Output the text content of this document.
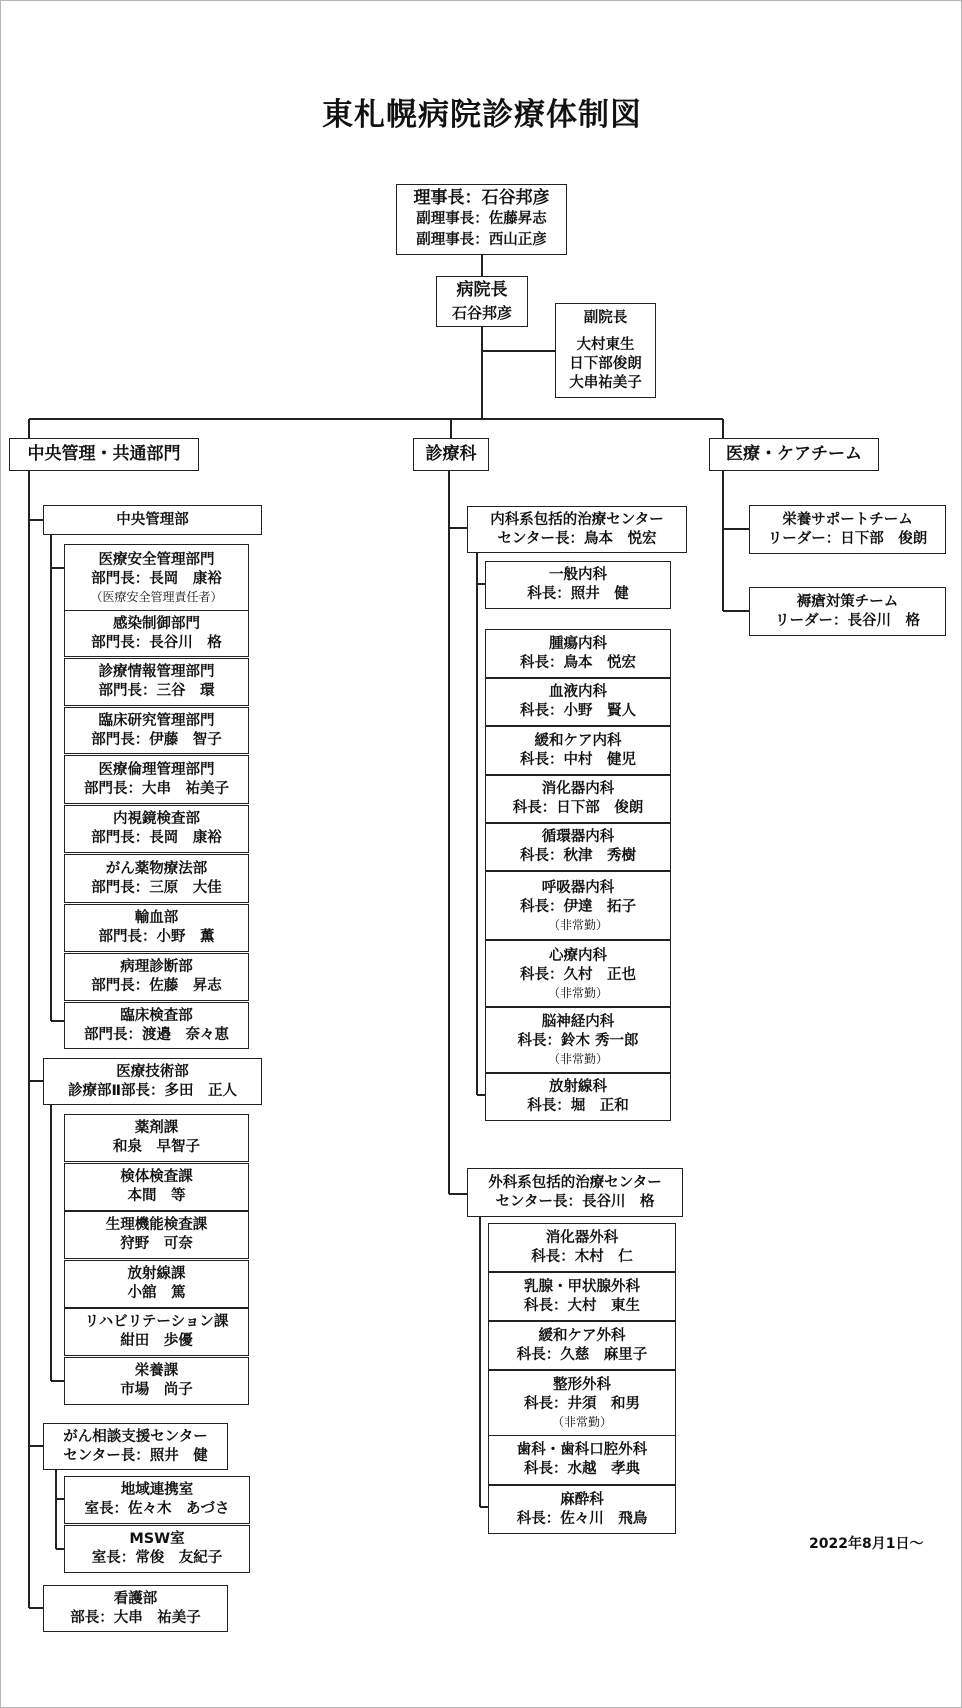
東札幌病院診療体制図
理事長：石谷邦彦
副理事長：佐藤昇志
副理事長：西山正彦
病院長
石谷邦彦	副院長
大村東生
日下部俊朗
大串祐美子
中央管理・共通部門	診療科	医療・ケアチーム
中央管理部
医療安全管理部門
部門長：長岡　康裕
（医療安全管理責任者）
感染制御部門
部門長：長谷川　格
診療情報管理部門
部門長：三谷　環
臨床研究管理部門
部門長：伊藤　智子
医療倫理管理部門
部門長：大串　祐美子
内視鏡検査部
部門長：長岡　康裕
がん薬物療法部
部門長：三原　大佳
輸血部
部門長：小野　薫
病理診断部
部門長：佐藤　昇志
臨床検査部
部門長：渡邉　奈々恵
医療技術部
診療部Ⅱ部長：多田　正人
薬剤課
和泉　早智子
検体検査課
本間　等
生理機能検査課
狩野　可奈
放射線課
小舘　篤
リハビリテーション課
紺田　歩優
栄養課
市場　尚子
がん相談支援センター
センター長：照井　健
地域連携室
室長：佐々木　あづさ
MSW室
室長：常俊　友紀子
看護部
部長：大串　祐美子
内科系包括的治療センター
センター長：鳥本　悦宏
一般内科
科長：照井　健
腫瘍内科
科長：鳥本　悦宏
血液内科
科長：小野　賢人
緩和ケア内科
科長：中村　健児
消化器内科
科長：日下部　俊朗
循環器内科
科長：秋津　秀樹
呼吸器内科
科長：伊達　拓子
（非常勤）
心療内科
科長：久村　正也
（非常勤）
脳神経内科
科長：鈴木 秀一郎
（非常勤）
放射線科
科長：堀　正和
外科系包括的治療センター
センター長：長谷川　格
消化器外科
科長：木村　仁
乳腺・甲状腺外科
科長：大村　東生
緩和ケア外科
科長：久慈　麻里子
整形外科
科長：井須　和男
（非常勤）
歯科・歯科口腔外科
科長：水越　孝典
麻酔科
科長：佐々川　飛鳥
栄養サポートチーム
リーダー：日下部　俊朗
褥瘡対策チーム
リーダー：長谷川　格
2022年8月1日～
